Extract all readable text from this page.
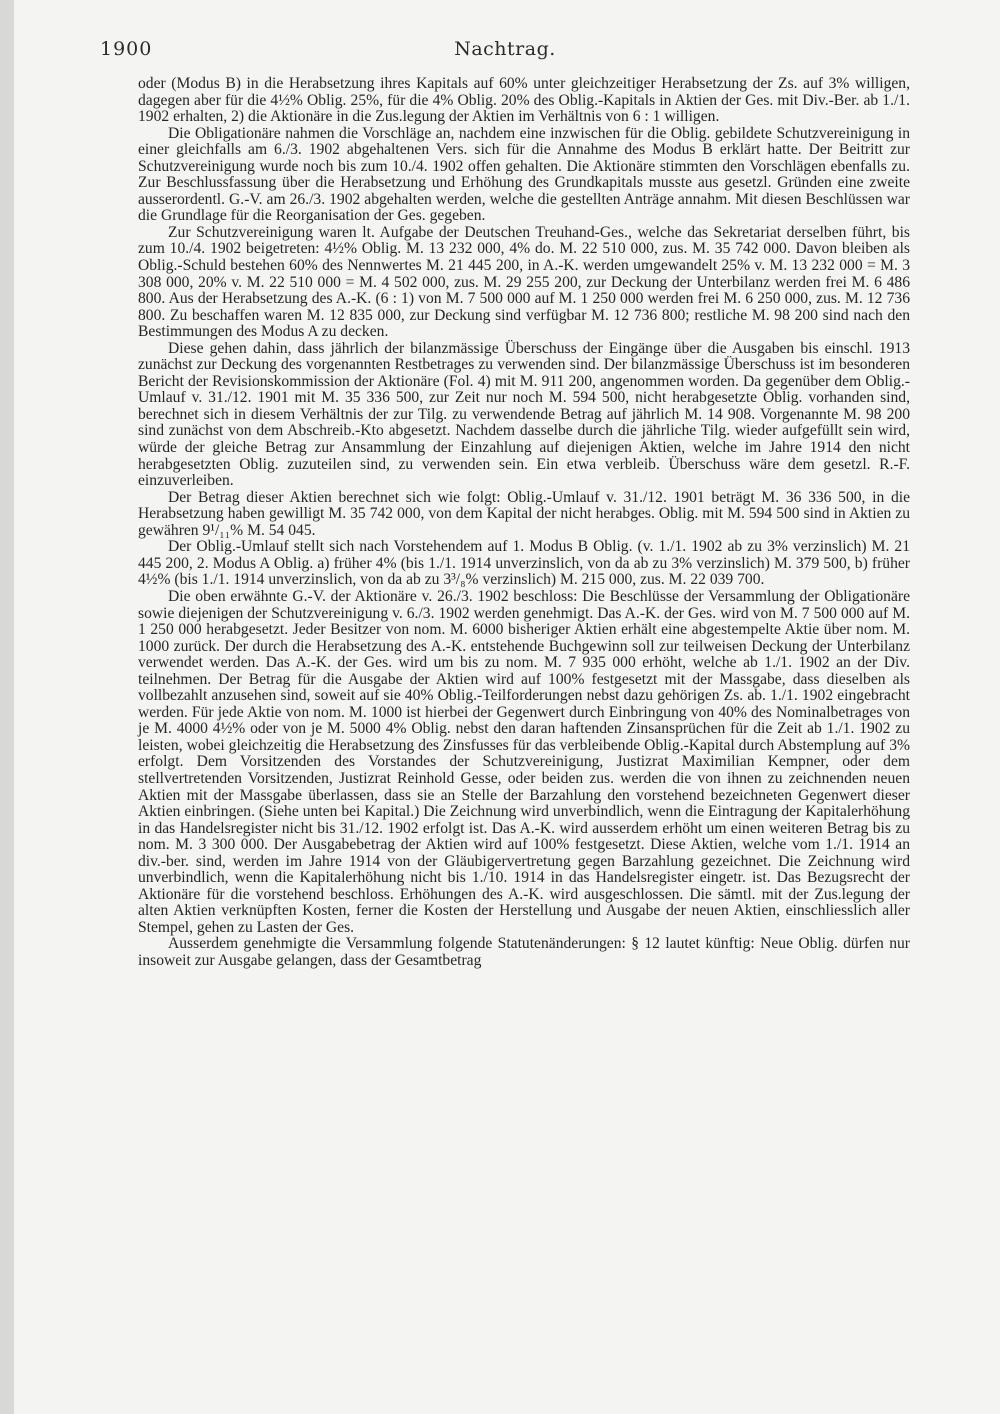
1900	Nachtrag.

oder (Modus B) in die Herabsetzung ihres Kapitals auf 60% unter gleichzeitiger Herabsetzung der Zs. auf 3% willigen, dagegen aber für die 4½% Oblig. 25%, für die 4% Oblig. 20% des Oblig.-Kapitals in Aktien der Ges. mit Div.-Ber. ab 1./1. 1902 erhalten, 2) die Aktionäre in die Zus.legung der Aktien im Verhältnis von 6 : 1 willigen.

Die Obligationäre nahmen die Vorschläge an, nachdem eine inzwischen für die Oblig. gebildete Schutzvereinigung in einer gleichfalls am 6./3. 1902 abgehaltenen Vers. sich für die Annahme des Modus B erklärt hatte. Der Beitritt zur Schutzvereinigung wurde noch bis zum 10./4. 1902 offen gehalten. Die Aktionäre stimmten den Vorschlägen ebenfalls zu. Zur Beschlussfassung über die Herabsetzung und Erhöhung des Grundkapitals musste aus gesetzl. Gründen eine zweite ausserordentl. G.-V. am 26./3. 1902 abgehalten werden, welche die gestellten Anträge annahm. Mit diesen Beschlüssen war die Grundlage für die Reorganisation der Ges. gegeben.

Zur Schutzvereinigung waren lt. Aufgabe der Deutschen Treuhand-Ges., welche das Sekretariat derselben führt, bis zum 10./4. 1902 beigetreten: 4½% Oblig. M. 13 232 000, 4% do. M. 22 510 000, zus. M. 35 742 000. Davon bleiben als Oblig.-Schuld bestehen 60% des Nennwertes M. 21 445 200, in A.-K. werden umgewandelt 25% v. M. 13 232 000 = M. 3 308 000, 20% v. M. 22 510 000 = M. 4 502 000, zus. M. 29 255 200, zur Deckung der Unterbilanz werden frei M. 6 486 800. Aus der Herabsetzung des A.-K. (6 : 1) von M. 7 500 000 auf M. 1 250 000 werden frei M. 6 250 000, zus. M. 12 736 800. Zu beschaffen waren M. 12 835 000, zur Deckung sind verfügbar M. 12 736 800; restliche M. 98 200 sind nach den Bestimmungen des Modus A zu decken.

Diese gehen dahin, dass jährlich der bilanzmässige Überschuss der Eingänge über die Ausgaben bis einschl. 1913 zunächst zur Deckung des vorgenannten Restbetrages zu verwenden sind. Der bilanzmässige Überschuss ist im besonderen Bericht der Revisionskommission der Aktionäre (Fol. 4) mit M. 911 200, angenommen worden. Da gegenüber dem Oblig.-Umlauf v. 31./12. 1901 mit M. 35 336 500, zur Zeit nur noch M. 594 500, nicht herabgesetzte Oblig. vorhanden sind, berechnet sich in diesem Verhältnis der zur Tilg. zu verwendende Betrag auf jährlich M. 14 908. Vorgenannte M. 98 200 sind zunächst von dem Abschreib.-Kto abgesetzt. Nachdem dasselbe durch die jährliche Tilg. wieder aufgefüllt sein wird, würde der gleiche Betrag zur Ansammlung der Einzahlung auf diejenigen Aktien, welche im Jahre 1914 den nicht herabgesetzten Oblig. zuzuteilen sind, zu verwenden sein. Ein etwa verbleib. Überschuss wäre dem gesetzl. R.-F. einzuverleiben.

Der Betrag dieser Aktien berechnet sich wie folgt: Oblig.-Umlauf v. 31./12. 1901 beträgt M. 36 336 500, in die Herabsetzung haben gewilligt M. 35 742 000, von dem Kapital der nicht herabges. Oblig. mit M. 594 500 sind in Aktien zu gewähren 9¹/₁₁% M. 54 045.

Der Oblig.-Umlauf stellt sich nach Vorstehendem auf 1. Modus B Oblig. (v. 1./1. 1902 ab zu 3% verzinslich) M. 21 445 200, 2. Modus A Oblig. a) früher 4% (bis 1./1. 1914 unverzinslich, von da ab zu 3% verzinslich) M. 379 500, b) früher 4½% (bis 1./1. 1914 unverzinslich, von da ab zu 3³/₈% verzinslich) M. 215 000, zus. M. 22 039 700.

Die oben erwähnte G.-V. der Aktionäre v. 26./3. 1902 beschloss: Die Beschlüsse der Versammlung der Obligationäre sowie diejenigen der Schutzvereinigung v. 6./3. 1902 werden genehmigt. Das A.-K. der Ges. wird von M. 7 500 000 auf M. 1 250 000 herabgesetzt. Jeder Besitzer von nom. M. 6000 bisheriger Aktien erhält eine abgestempelte Aktie über nom. M. 1000 zurück. Der durch die Herabsetzung des A.-K. entstehende Buchgewinn soll zur teilweisen Deckung der Unterbilanz verwendet werden. Das A.-K. der Ges. wird um bis zu nom. M. 7 935 000 erhöht, welche ab 1./1. 1902 an der Div. teilnehmen. Der Betrag für die Ausgabe der Aktien wird auf 100% festgesetzt mit der Massgabe, dass dieselben als vollbezahlt anzusehen sind, soweit auf sie 40% Oblig.-Teilforderungen nebst dazu gehörigen Zs. ab. 1./1. 1902 eingebracht werden. Für jede Aktie von nom. M. 1000 ist hierbei der Gegenwert durch Einbringung von 40% des Nominalbetrages von je M. 4000 4½% oder von je M. 5000 4% Oblig. nebst den daran haftenden Zinsansprüchen für die Zeit ab 1./1. 1902 zu leisten, wobei gleichzeitig die Herabsetzung des Zinsfusses für das verbleibende Oblig.-Kapital durch Abstemplung auf 3% erfolgt. Dem Vorsitzenden des Vorstandes der Schutzvereinigung, Justizrat Maximilian Kempner, oder dem stellvertretenden Vorsitzenden, Justizrat Reinhold Gesse, oder beiden zus. werden die von ihnen zu zeichnenden neuen Aktien mit der Massgabe überlassen, dass sie an Stelle der Barzahlung den vorstehend bezeichneten Gegenwert dieser Aktien einbringen. (Siehe unten bei Kapital.) Die Zeichnung wird unverbindlich, wenn die Eintragung der Kapitalerhöhung in das Handelsregister nicht bis 31./12. 1902 erfolgt ist. Das A.-K. wird ausserdem erhöht um einen weiteren Betrag bis zu nom. M. 3 300 000. Der Ausgabebetrag der Aktien wird auf 100% festgesetzt. Diese Aktien, welche vom 1./1. 1914 an div.-ber. sind, werden im Jahre 1914 von der Gläubigervertretung gegen Barzahlung gezeichnet. Die Zeichnung wird unverbindlich, wenn die Kapitalerhöhung nicht bis 1./10. 1914 in das Handelsregister eingetr. ist. Das Bezugsrecht der Aktionäre für die vorstehend beschloss. Erhöhungen des A.-K. wird ausgeschlossen. Die sämtl. mit der Zus.legung der alten Aktien verknüpften Kosten, ferner die Kosten der Herstellung und Ausgabe der neuen Aktien, einschliesslich aller Stempel, gehen zu Lasten der Ges.

Ausserdem genehmigte die Versammlung folgende Statutenänderungen: § 12 lautet künftig: Neue Oblig. dürfen nur insoweit zur Ausgabe gelangen, dass der Gesamtbetrag
